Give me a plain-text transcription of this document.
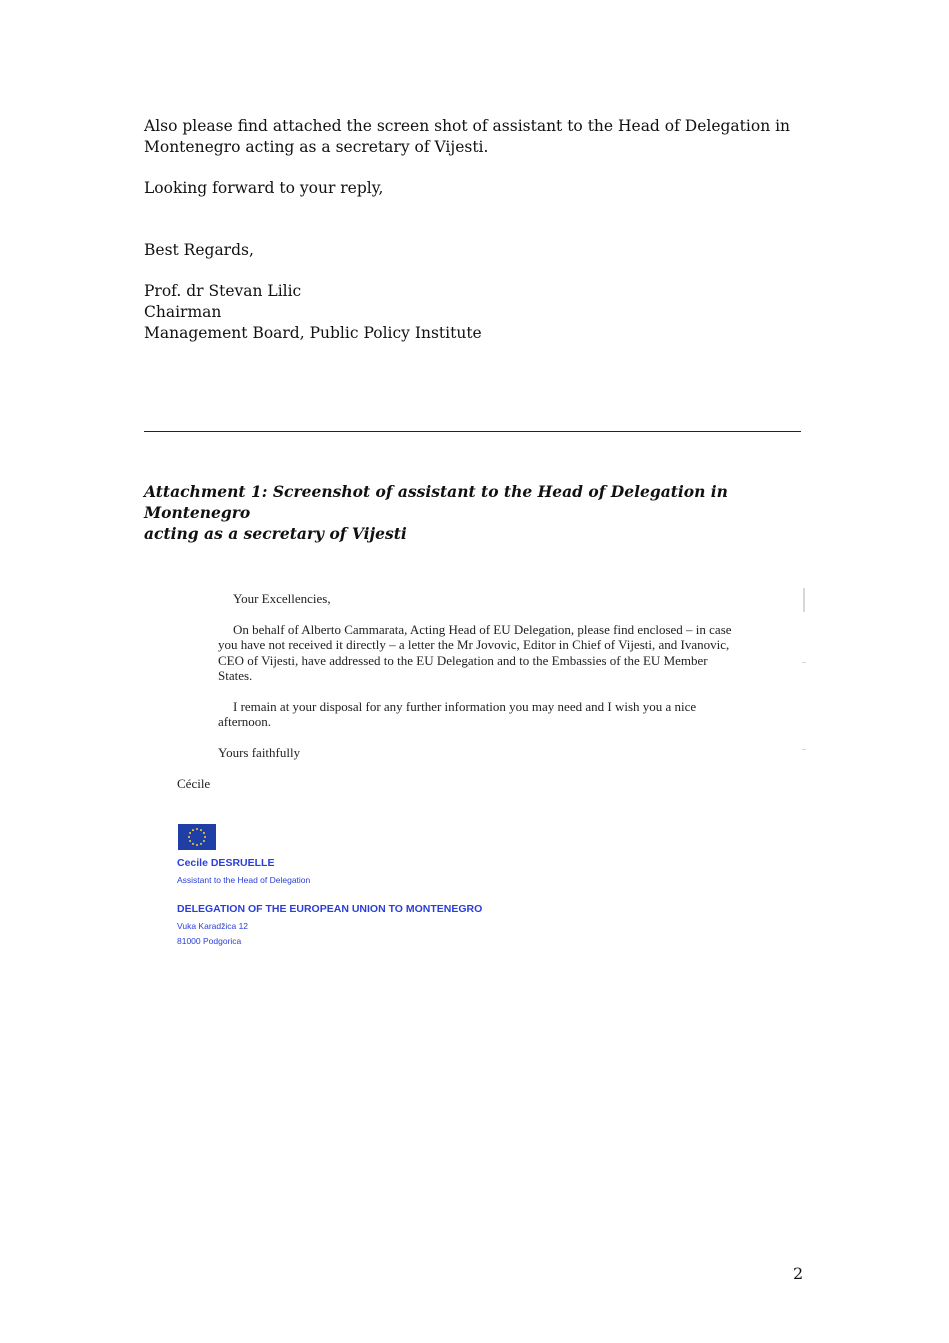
Also please find attached the screen shot of assistant to the Head of Delegation in

Montenegro acting as a secretary of Vijesti.

Looking forward to your reply,

Best Regards,

Prof. dr Stevan Lilic

Chairman

Management Board, Public Policy Institute

Attachment 1: Screenshot of assistant to the Head of Delegation in Montenegro
acting as a secretary of Vijesti
Your Excellencies,
On behalf of Alberto Cammarata, Acting Head of EU Delegation, please find enclosed – in case
you have not received it directly – a letter the Mr Jovovic, Editor in Chief of Vijesti, and Ivanovic,
CEO of Vijesti, have addressed to the EU Delegation and to the Embassies of the EU Member
States.
I remain at your disposal for any further information you may need and I wish you a nice
afternoon.
Yours faithfully
Cécile
Cecile DESRUELLE
Assistant to the Head of Delegation
DELEGATION OF THE EUROPEAN UNION TO MONTENEGRO
Vuka Karadžica 12
81000 Podgorica
2
